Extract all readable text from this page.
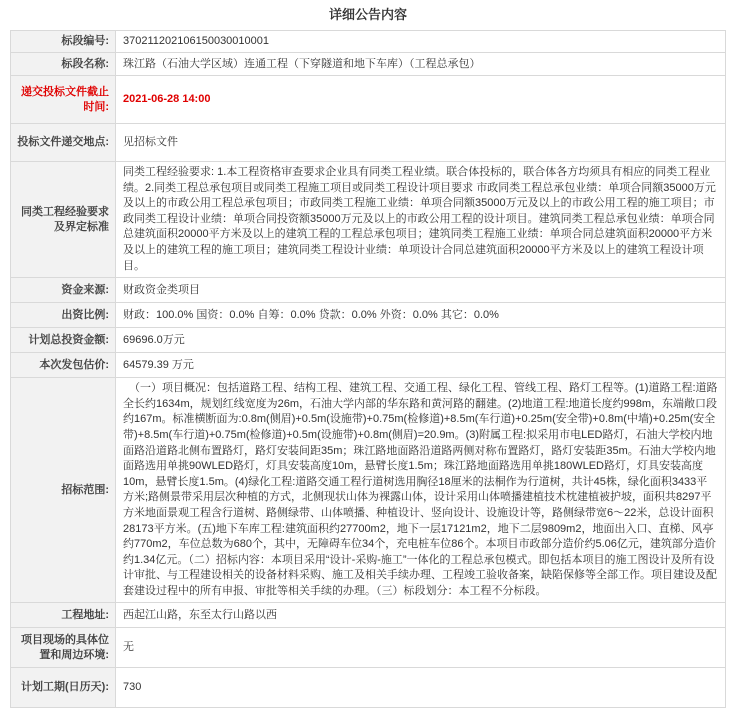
详细公告内容
标段编号:	370211202106150030010001
标段名称:	珠江路（石油大学区域）连通工程（下穿隧道和地下车库）（工程总承包）
递交投标文件截止时间:	2021-06-28 14:00
投标文件递交地点:	见招标文件
同类工程经验要求及界定标准	同类工程经验要求: 1.本工程资格审查要求企业具有同类工程业绩。联合体投标的，联合体各方均须具有相应的同类工程业绩。2.同类工程总承包项目或同类工程施工项目或同类工程设计项目要求 市政同类工程总承包业绩：单项合同额35000万元及以上的市政公用工程总承包项目；市政同类工程施工业绩：单项合同额35000万元及以上的市政公用工程的施工项目；市政同类工程设计业绩：单项合同投资额35000万元及以上的市政公用工程的设计项目。建筑同类工程总承包业绩：单项合同总建筑面积20000平方米及以上的建筑工程的工程总承包项目；建筑同类工程施工业绩：单项合同总建筑面积20000平方米及以上的建筑工程的施工项目；建筑同类工程设计业绩：单项设计合同总建筑面积20000平方米及以上的建筑工程设计项目。
资金来源:	财政资金类项目
出资比例:	财政：100.0% 国资：0.0% 自筹：0.0% 贷款：0.0% 外资：0.0% 其它：0.0%
计划总投资金额:	69696.0万元
本次发包估价:	64579.39 万元
招标范围:	（一）项目概况：包括道路工程、结构工程、建筑工程、交通工程、绿化工程、管线工程、路灯工程等。(1)道路工程:道路全长约1634m，规划红线宽度为26m，石油大学内部的华东路和黄河路的翻建。(2)地道工程:地道长度约998m，东端敞口段约167m。标准横断面为:0.8m(侧眉)+0.5m(设施带)+0.75m(检修道)+8.5m(车行道)+0.25m(安全带)+0.8m(中墙)+0.25m(安全带)+8.5m(车行道)+0.75m(检修道)+0.5m(设施带)+0.8m(侧眉)=20.9m。(3)附属工程:拟采用市电LED路灯，石油大学校内地面路沿道路北侧布置路灯，路灯安装间距35m；珠江路地面路沿道路两侧对称布置路灯，路灯安装距35m。石油大学校内地面路选用单挑90WLED路灯，灯具安装高度10m，悬臂长度1.5m；珠江路地面路选用单挑180WLED路灯，灯具安装高度10m，悬臂长度1.5m。(4)绿化工程:道路交通工程行道树选用胸径18厘米的法桐作为行道树，共计45株，绿化面积3433平方米;路侧景带采用层次种植的方式，北侧现状山体为裸露山体，设计采用山体喷播建植技术枕建植被护坡，面积共8297平方米地面景观工程含行道树、路侧绿带、山体喷播、种植设计、竖向设计、设施设计等，路侧绿带宽6～22米，总设计面积28173平方米。(五)地下车库工程:建筑面积约27700m2，地下一层17121m2，地下二层9809m2，地面出入口、直梯、风亭约770m2，车位总数为680个，其中，无障碍车位34个，充电桩车位86个。本项目市政部分造价约5.06亿元，建筑部分造价约1.34亿元。（二）招标内容：本项目采用“设计-采购-施工”一体化的工程总承包模式。即包括本项目的施工图设计及所有设计审批、与工程建设相关的设备材料采购、施工及相关手续办理、工程竣工验收备案，缺陷保修等全部工作。项目建设及配套建设过程中的所有申报、审批等相关手续的办理。（三）标段划分：本工程不分标段。
工程地址:	西起江山路，东至太行山路以西
项目现场的具体位置和周边环境:	无
计划工期(日历天):	730
